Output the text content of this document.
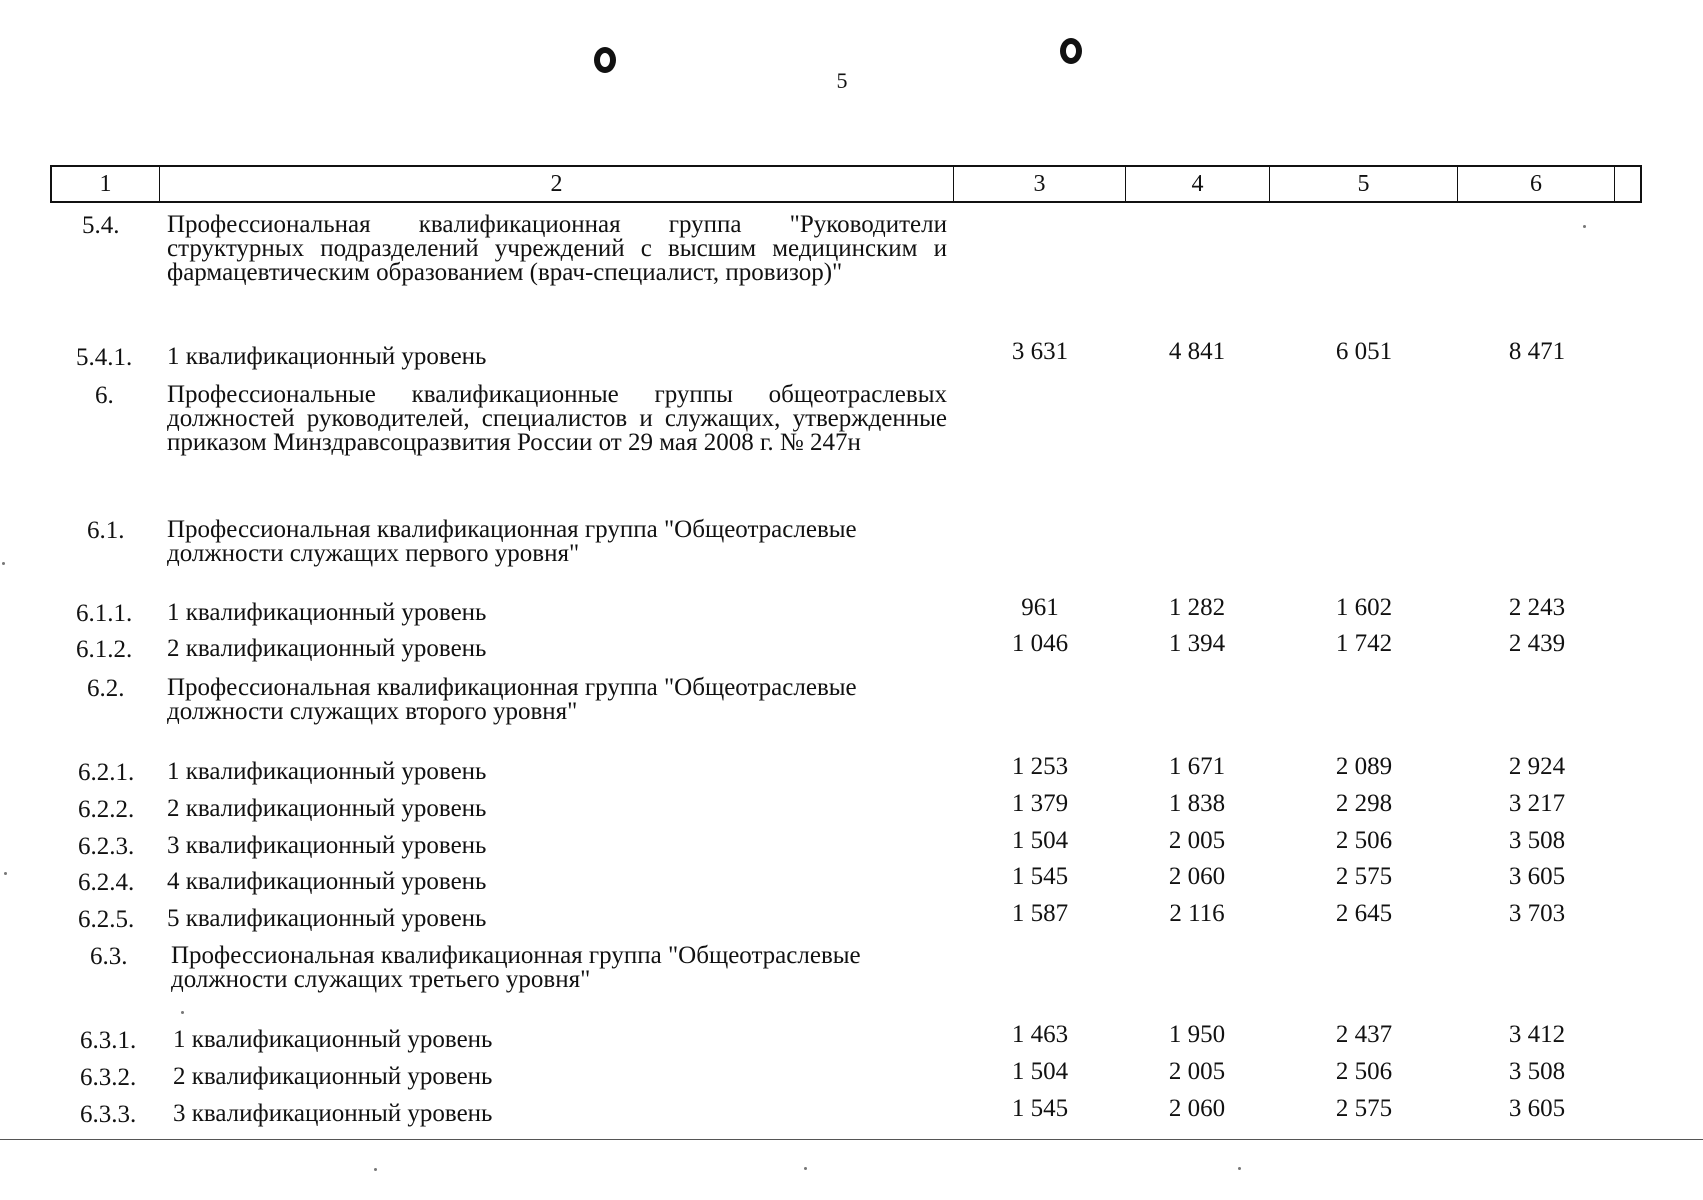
5
1	2	3	4	5	6
5.4. Профессиональная квалификационная группа "Руководители структурных подразделений учреждений с высшим медицинским и фармацевтическим образованием (врач-специалист, провизор)"
5.4.1. 1 квалификационный уровень	3 631	4 841	6 051	8 471
6. Профессиональные квалификационные группы общеотраслевых должностей руководителей, специалистов и служащих, утвержденные приказом Минздравсоцразвития России от 29 мая 2008 г. № 247н
6.1. Профессиональная квалификационная группа "Общеотраслевые должности служащих первого уровня"
6.1.1. 1 квалификационный уровень	961	1 282	1 602	2 243
6.1.2. 2 квалификационный уровень	1 046	1 394	1 742	2 439
6.2. Профессиональная квалификационная группа "Общеотраслевые должности служащих второго уровня"
6.2.1. 1 квалификационный уровень	1 253	1 671	2 089	2 924
6.2.2. 2 квалификационный уровень	1 379	1 838	2 298	3 217
6.2.3. 3 квалификационный уровень	1 504	2 005	2 506	3 508
6.2.4. 4 квалификационный уровень	1 545	2 060	2 575	3 605
6.2.5. 5 квалификационный уровень	1 587	2 116	2 645	3 703
6.3. Профессиональная квалификационная группа "Общеотраслевые должности служащих третьего уровня"
6.3.1. 1 квалификационный уровень	1 463	1 950	2 437	3 412
6.3.2. 2 квалификационный уровень	1 504	2 005	2 506	3 508
6.3.3. 3 квалификационный уровень	1 545	2 060	2 575	3 605
